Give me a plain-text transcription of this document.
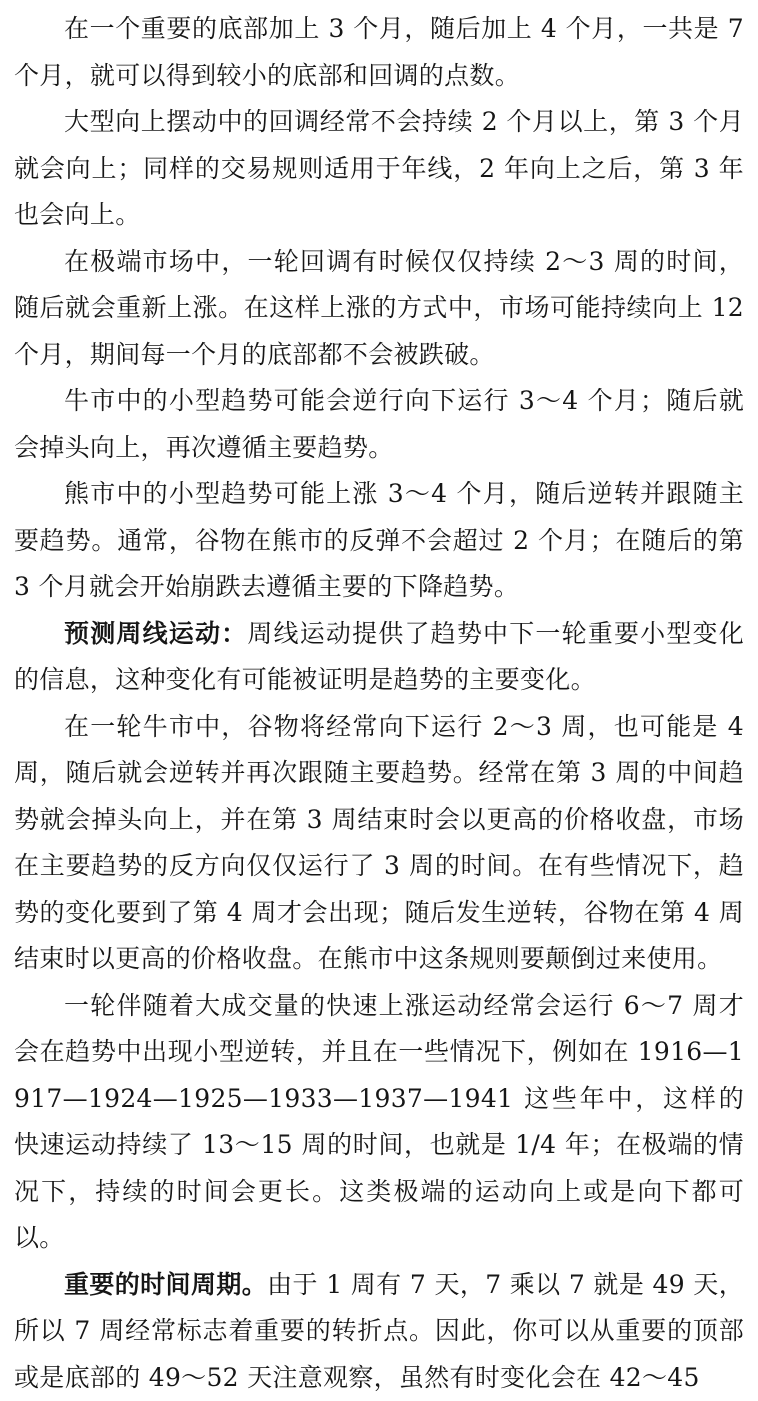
在一个重要的底部加上 3 个月，随后加上 4 个月，一共是 7 个月，就可以得到较小的底部和回调的点数。

大型向上摆动中的回调经常不会持续 2 个月以上，第 3 个月就会向上；同样的交易规则适用于年线，2 年向上之后，第 3 年也会向上。

在极端市场中，一轮回调有时候仅仅持续 2～3 周的时间，随后就会重新上涨。在这样上涨的方式中，市场可能持续向上 12 个月，期间每一个月的底部都不会被跌破。

牛市中的小型趋势可能会逆行向下运行 3～4 个月；随后就会掉头向上，再次遵循主要趋势。

熊市中的小型趋势可能上涨 3～4 个月，随后逆转并跟随主要趋势。通常，谷物在熊市的反弹不会超过 2 个月；在随后的第 3 个月就会开始崩跌去遵循主要的下降趋势。

预测周线运动：周线运动提供了趋势中下一轮重要小型变化的信息，这种变化有可能被证明是趋势的主要变化。

在一轮牛市中，谷物将经常向下运行 2～3 周，也可能是 4 周，随后就会逆转并再次跟随主要趋势。经常在第 3 周的中间趋势就会掉头向上，并在第 3 周结束时会以更高的价格收盘，市场在主要趋势的反方向仅仅运行了 3 周的时间。在有些情况下，趋势的变化要到了第 4 周才会出现；随后发生逆转，谷物在第 4 周结束时以更高的价格收盘。在熊市中这条规则要颠倒过来使用。

一轮伴随着大成交量的快速上涨运动经常会运行 6～7 周才会在趋势中出现小型逆转，并且在一些情况下，例如在 1916—1917—1924—1925—1933—1937—1941 这些年中，这样的快速运动持续了 13～15 周的时间，也就是 1/4 年；在极端的情况下，持续的时间会更长。这类极端的运动向上或是向下都可以。

重要的时间周期。由于 1 周有 7 天，7 乘以 7 就是 49 天，所以 7 周经常标志着重要的转折点。因此，你可以从重要的顶部或是底部的 49～52 天注意观察，虽然有时变化会在 42～45
